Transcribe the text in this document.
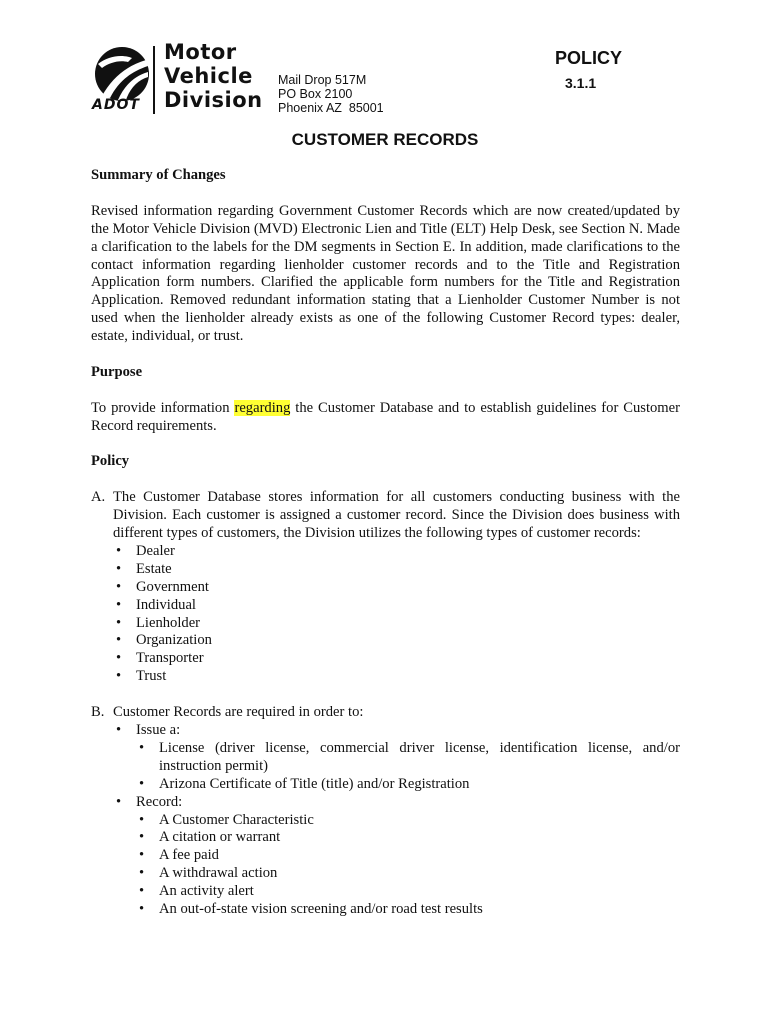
ADOT
Motor
Vehicle
Division
Mail Drop 517M
PO Box 2100
Phoenix AZ  85001
POLICY
3.1.1
CUSTOMER RECORDS
Summary of Changes

Revised information regarding Government Customer Records which are now created/updated by the Motor Vehicle Division (MVD) Electronic Lien and Title (ELT) Help Desk, see Section N. Made a clarification to the labels for the DM segments in Section E. In addition, made clarifications to the contact information regarding lienholder customer records and to the Title and Registration Application form numbers. Clarified the applicable form numbers for the Title and Registration Application. Removed redundant information stating that a Lienholder Customer Number is not used when the lienholder already exists as one of the following Customer Record types: dealer, estate, individual, or trust.

Purpose

To provide information regarding the Customer Database and to establish guidelines for Customer Record requirements.

Policy
A. The Customer Database stores information for all customers conducting business with the Division. Each customer is assigned a customer record. Since the Division does business with different types of customers, the Division utilizes the following types of customer records:

• Dealer
• Estate
• Government
• Individual
• Lienholder
• Organization
• Transporter
• Trust
B. Customer Records are required in order to:

• Issue a:
• License (driver license, commercial driver license, identification license, and/or instruction permit)
• Arizona Certificate of Title (title) and/or Registration
• Record:
• A Customer Characteristic
• A citation or warrant
• A fee paid
• A withdrawal action
• An activity alert
• An out-of-state vision screening and/or road test results
